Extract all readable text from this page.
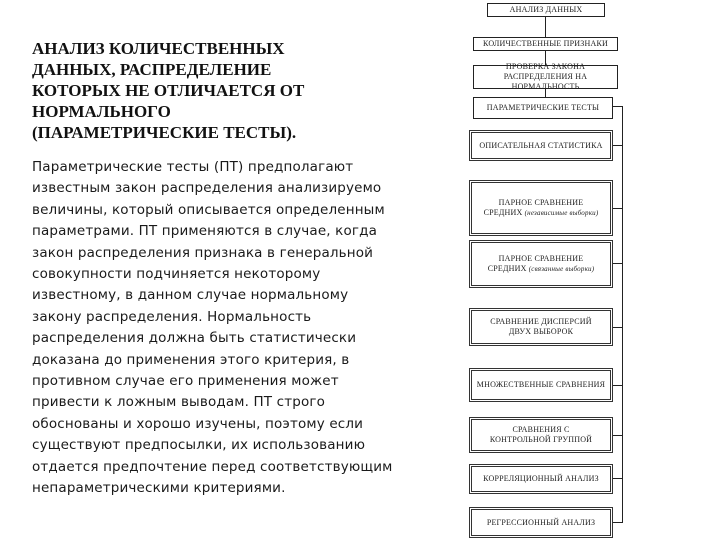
АНАЛИЗ КОЛИЧЕСТВЕННЫХ
ДАННЫХ, РАСПРЕДЕЛЕНИЕ
КОТОРЫХ НЕ ОТЛИЧАЕТСЯ ОТ
НОРМАЛЬНОГО
(ПАРАМЕТРИЧЕСКИЕ ТЕСТЫ).
Параметрические тесты (ПТ) предполагают
известным закон распределения анализируемо
величины, который описывается определенным
параметрами. ПТ применяются в случае, когда
закон распределения признака в генеральной
совокупности подчиняется некоторому
известному, в данном случае нормальному
закону распределения. Нормальность
распределения должна быть статистически
доказана до применения этого критерия, в
противном случае его применения может
привести к ложным выводам. ПТ строго
обоснованы и хорошо изучены, поэтому если
существуют предпосылки, их использованию
отдается предпочтение перед соответствующим
непараметрическими критериями.
АНАЛИЗ ДАННЫХ
КОЛИЧЕСТВЕННЫЕ ПРИЗНАКИ
ПРОВЕРКА ЗАКОНА РАСПРЕДЕЛЕНИЯ НА НОРМАЛЬНОСТЬ
ПАРАМЕТРИЧЕСКИЕ ТЕСТЫ
ОПИСАТЕЛЬНАЯ СТАТИСТИКА
ПАРНОЕ СРАВНЕНИЕ
СРЕДНИХ (независимые выборки)
ПАРНОЕ СРАВНЕНИЕ
СРЕДНИХ (связанные выборки)
СРАВНЕНИЕ ДИСПЕРСИЙ
ДВУХ ВЫБОРОК
МНОЖЕСТВЕННЫЕ СРАВНЕНИЯ
СРАВНЕНИЯ С
КОНТРОЛЬНОЙ ГРУППОЙ
КОРРЕЛЯЦИОННЫЙ АНАЛИЗ
РЕГРЕССИОННЫЙ АНАЛИЗ
